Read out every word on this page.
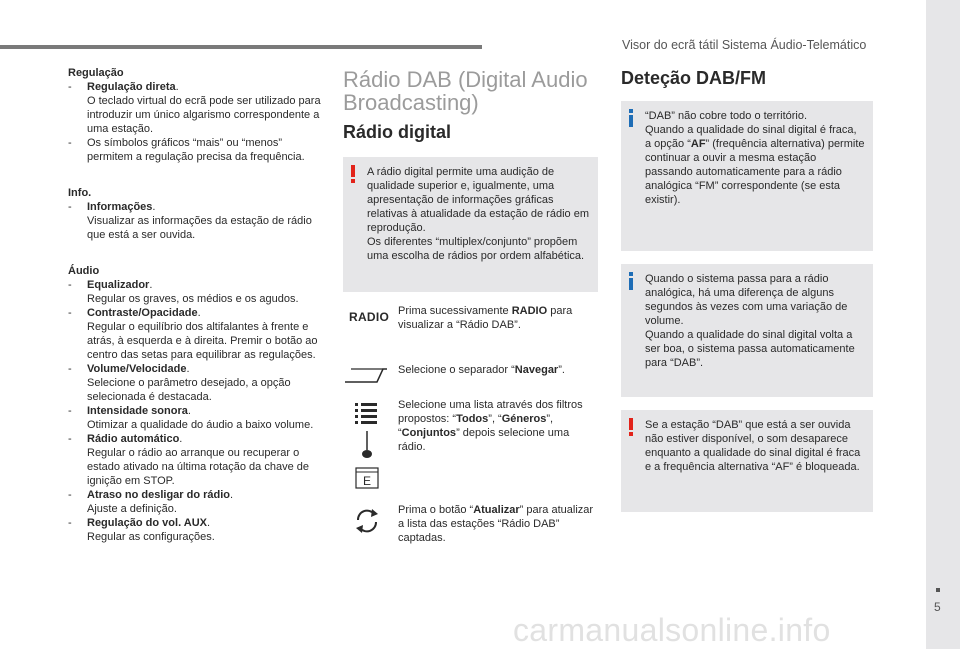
Visor do ecrã tátil Sistema Áudio-Telemático
5
carmanualsonline.info
Regulação
-	Regulação direta.
O teclado virtual do ecrã pode ser utilizado para introduzir um único algarismo correspondente a uma estação.
-	Os símbolos gráficos “mais” ou “menos” permitem a regulação precisa da frequência.
Info.
-	Informações.
Visualizar as informações da estação de rádio que está a ser ouvida.
Áudio
-	Equalizador.
Regular os graves, os médios e os agudos.
-	Contraste/Opacidade.
Regular o equilíbrio dos altifalantes à frente e atrás, à esquerda e à direita. Premir o botão ao centro das setas para equilibrar as regulações.
-	Volume/Velocidade.
Selecione o parâmetro desejado, a opção selecionada é destacada.
-	Intensidade sonora.
Otimizar a qualidade do áudio a baixo volume.
-	Rádio automático.
Regular o rádio ao arranque ou recuperar o estado ativado na última rotação da chave de ignição em STOP.
-	Atraso no desligar do rádio.
Ajuste a definição.
-	Regulação do vol. AUX.
Regular as configurações.
Rádio DAB (Digital Audio Broadcasting)
Rádio digital
A rádio digital permite uma audição de qualidade superior e, igualmente, uma apresentação de informações gráficas relativas à atualidade da estação de rádio em reprodução.
Os diferentes “multiplex/conjunto” propõem uma escolha de rádios por ordem alfabética.
RADIO Prima sucessivamente RADIO para visualizar a “Rádio DAB”.
Selecione o separador “Navegar”.
E
Selecione uma lista através dos filtros propostos: “Todos”, “Géneros”, “Conjuntos” depois selecione uma rádio.
Prima o botão “Atualizar” para atualizar a lista das estações “Rádio DAB” captadas.
Deteção DAB/FM
“DAB” não cobre todo o território.
Quando a qualidade do sinal digital é fraca, a opção “AF” (frequência alternativa) permite continuar a ouvir a mesma estação passando automaticamente para a rádio analógica “FM” correspondente (se esta existir).
Quando o sistema passa para a rádio analógica, há uma diferença de alguns segundos às vezes com uma variação de volume.
Quando a qualidade do sinal digital volta a ser boa, o sistema passa automaticamente para “DAB”.
Se a estação “DAB” que está a ser ouvida não estiver disponível, o som desaparece enquanto a qualidade do sinal digital é fraca e a frequência alternativa “AF” é bloqueada.
